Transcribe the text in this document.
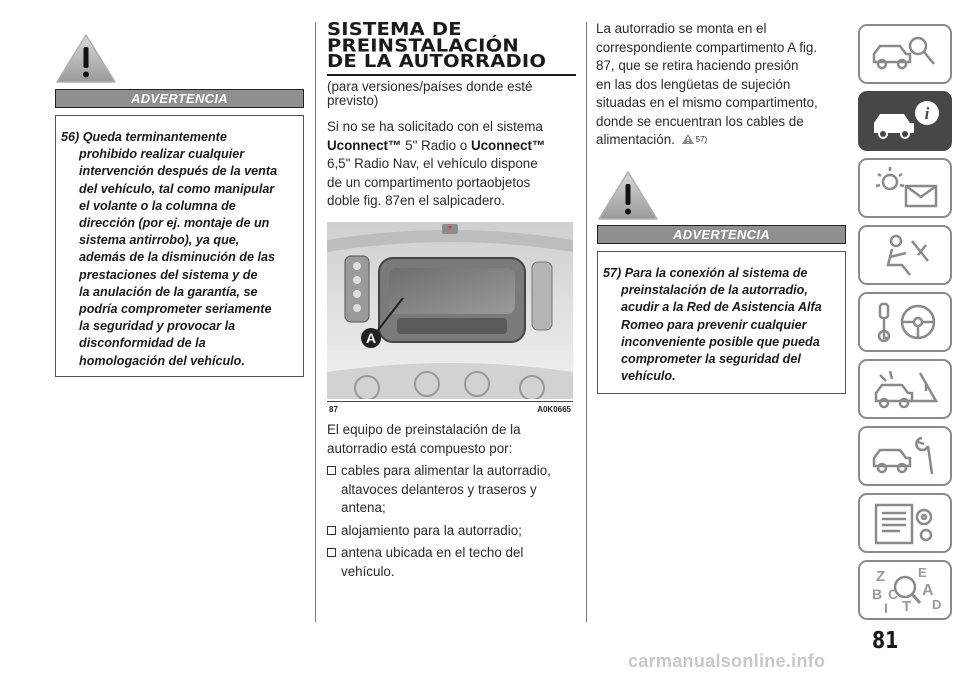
ADVERTENCIA
56) Queda terminantemente
prohibido realizar cualquier
intervención después de la venta
del vehículo, tal como manipular
el volante o la columna de
dirección (por ej. montaje de un
sistema antirrobo), ya que,
además de la disminución de las
prestaciones del sistema y de
la anulación de la garantía, se
podría comprometer seriamente
la seguridad y provocar la
disconformidad de la
homologación del vehículo.
SISTEMA DE
PREINSTALACIÓN
DE LA AUTORRADIO
(para versiones/países donde esté
previsto)
Si no se ha solicitado con el sistema
Uconnect™ 5" Radio o Uconnect™
6,5" Radio Nav, el vehículo dispone
de un compartimento portaobjetos
doble fig. 87en el salpicadero.
A
87	A0K0665
El equipo de preinstalación de la
autorradio está compuesto por:
cables para alimentar la autorradio,
altavoces delanteros y traseros y
antena;
alojamiento para la autorradio;
antena ubicada en el techo del
vehículo.
La autorradio se monta en el
correspondiente compartimento A fig.
87, que se retira haciendo presión
en las dos lengüetas de sujeción
situadas en el mismo compartimento,
donde se encuentran los cables de
alimentación.	57)
ADVERTENCIA
57) Para la conexión al sistema de
preinstalación de la autorradio,
acudir a la Red de Asistencia Alfa
Romeo para prevenir cualquier
inconveniente posible que pueda
comprometer la seguridad del
vehículo.
i
Z	E
B A
C
T D
I
81
carmanualsonline.info
